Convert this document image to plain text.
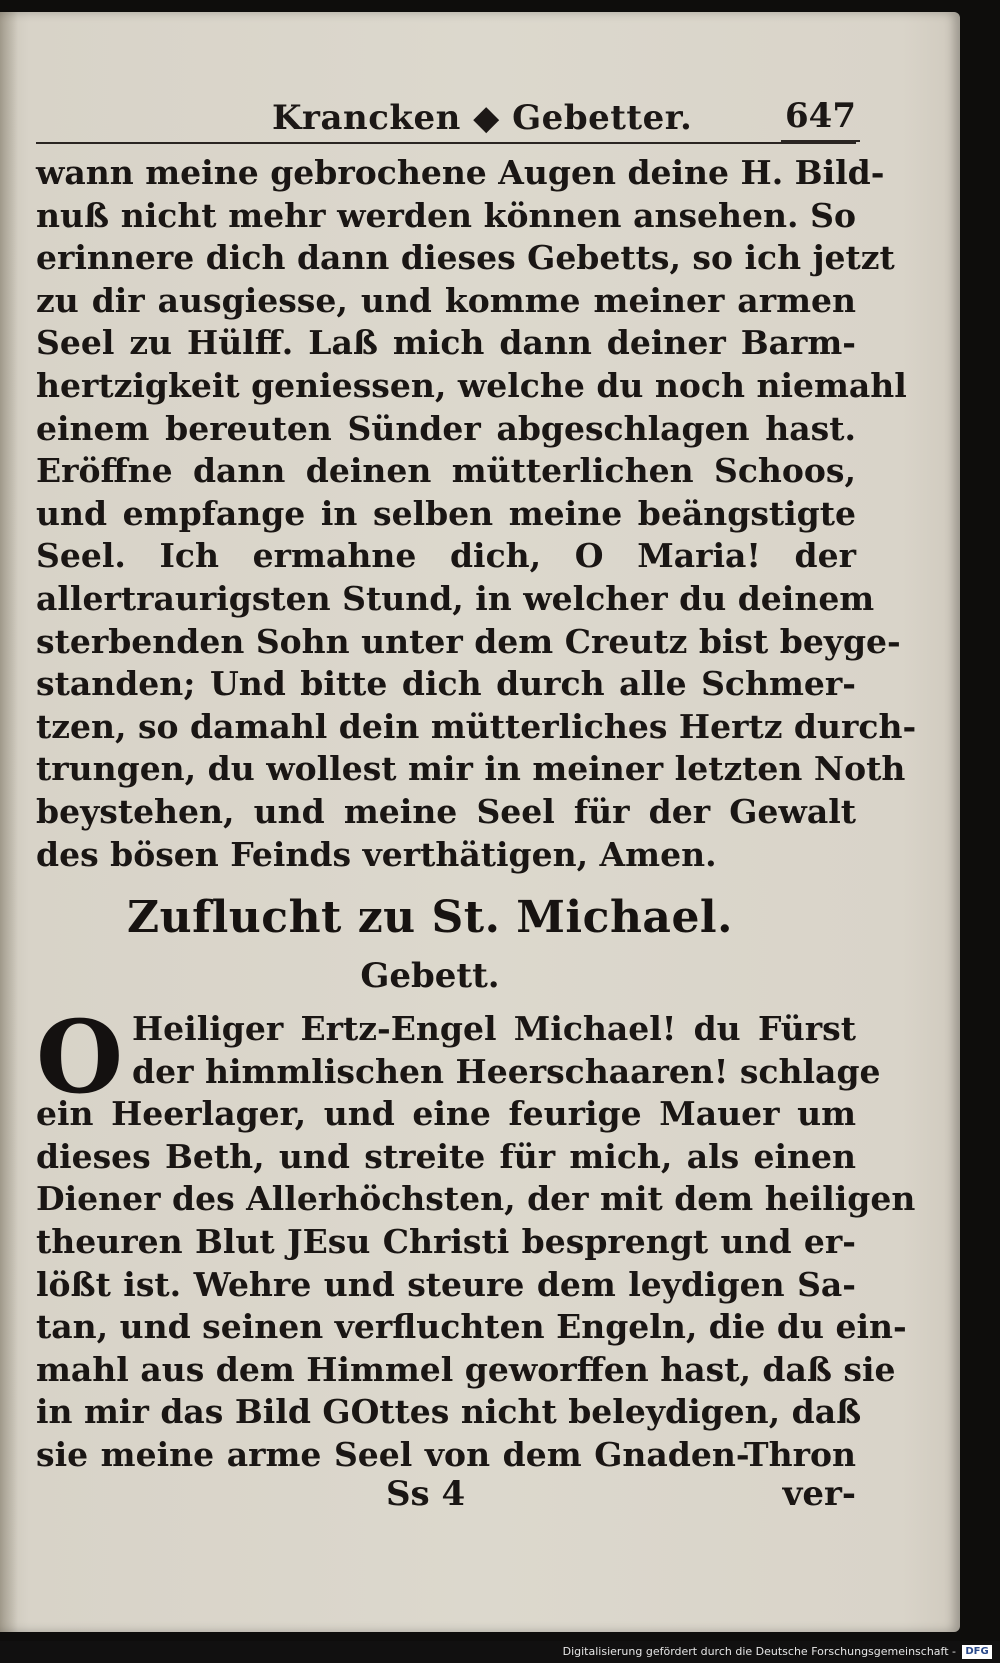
Krancken ◆ Gebetter.	647
wann meine gebrochene Augen deine H. Bild-
nuß nicht mehr werden können ansehen. So
erinnere dich dann dieses Gebetts, so ich jetzt
zu dir ausgiesse, und komme meiner armen
Seel zu Hülff. Laß mich dann deiner Barm-
hertzigkeit geniessen, welche du noch niemahl
einem bereuten Sünder abgeschlagen hast.
Eröffne dann deinen mütterlichen Schoos,
und empfange in selben meine beängstigte
Seel. Ich ermahne dich, O Maria! der
allertraurigsten Stund, in welcher du deinem
sterbenden Sohn unter dem Creutz bist beyge-
standen; Und bitte dich durch alle Schmer-
tzen, so damahl dein mütterliches Hertz durch-
trungen, du wollest mir in meiner letzten Noth
beystehen, und meine Seel für der Gewalt
des bösen Feinds verthätigen, Amen.
Zuflucht zu St. Michael.
Gebett.
O Heiliger Ertz-Engel Michael! du Fürst
der himmlischen Heerschaaren! schlage
ein Heerlager, und eine feurige Mauer um
dieses Beth, und streite für mich, als einen
Diener des Allerhöchsten, der mit dem heiligen
theuren Blut JEsu Christi besprengt und er-
lößt ist. Wehre und steure dem leydigen Sa-
tan, und seinen verfluchten Engeln, die du ein-
mahl aus dem Himmel geworffen hast, daß sie
in mir das Bild GOttes nicht beleydigen, daß
sie meine arme Seel von dem Gnaden-Thron
Ss 4	ver-
Digitalisierung gefördert durch die Deutsche Forschungsgemeinschaft - DFG
